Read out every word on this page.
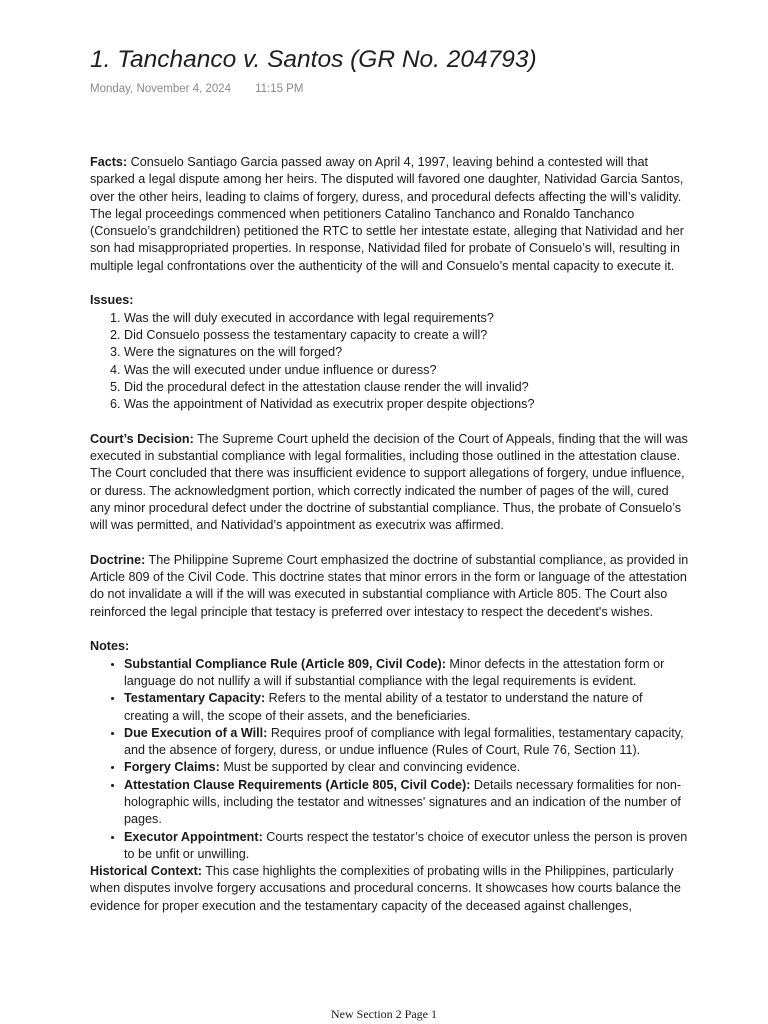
1. Tanchanco v. Santos (GR No. 204793)
Monday, November 4, 2024 11:15 PM

Facts: Consuelo Santiago Garcia passed away on April 4, 1997, leaving behind a contested will that sparked a legal dispute among her heirs. The disputed will favored one daughter, Natividad Garcia Santos, over the other heirs, leading to claims of forgery, duress, and procedural defects affecting the will’s validity. The legal proceedings commenced when petitioners Catalino Tanchanco and Ronaldo Tanchanco (Consuelo’s grandchildren) petitioned the RTC to settle her intestate estate, alleging that Natividad and her son had misappropriated properties. In response, Natividad filed for probate of Consuelo’s will, resulting in multiple legal confrontations over the authenticity of the will and Consuelo’s mental capacity to execute it.

Issues:
1. Was the will duly executed in accordance with legal requirements?
2. Did Consuelo possess the testamentary capacity to create a will?
3. Were the signatures on the will forged?
4. Was the will executed under undue influence or duress?
5. Did the procedural defect in the attestation clause render the will invalid?
6. Was the appointment of Natividad as executrix proper despite objections?

Court’s Decision: The Supreme Court upheld the decision of the Court of Appeals, finding that the will was executed in substantial compliance with legal formalities, including those outlined in the attestation clause. The Court concluded that there was insufficient evidence to support allegations of forgery, undue influence, or duress. The acknowledgment portion, which correctly indicated the number of pages of the will, cured any minor procedural defect under the doctrine of substantial compliance. Thus, the probate of Consuelo’s will was permitted, and Natividad’s appointment as executrix was affirmed.

Doctrine: The Philippine Supreme Court emphasized the doctrine of substantial compliance, as provided in Article 809 of the Civil Code. This doctrine states that minor errors in the form or language of the attestation do not invalidate a will if the will was executed in substantial compliance with Article 805. The Court also reinforced the legal principle that testacy is preferred over intestacy to respect the decedent's wishes.

Notes:
• Substantial Compliance Rule (Article 809, Civil Code): Minor defects in the attestation form or language do not nullify a will if substantial compliance with the legal requirements is evident.
• Testamentary Capacity: Refers to the mental ability of a testator to understand the nature of creating a will, the scope of their assets, and the beneficiaries.
• Due Execution of a Will: Requires proof of compliance with legal formalities, testamentary capacity, and the absence of forgery, duress, or undue influence (Rules of Court, Rule 76, Section 11).
• Forgery Claims: Must be supported by clear and convincing evidence.
• Attestation Clause Requirements (Article 805, Civil Code): Details necessary formalities for non-holographic wills, including the testator and witnesses' signatures and an indication of the number of pages.
• Executor Appointment: Courts respect the testator’s choice of executor unless the person is proven to be unfit or unwilling.

Historical Context: This case highlights the complexities of probating wills in the Philippines, particularly when disputes involve forgery accusations and procedural concerns. It showcases how courts balance the evidence for proper execution and the testamentary capacity of the deceased against challenges,

New Section 2 Page 1
